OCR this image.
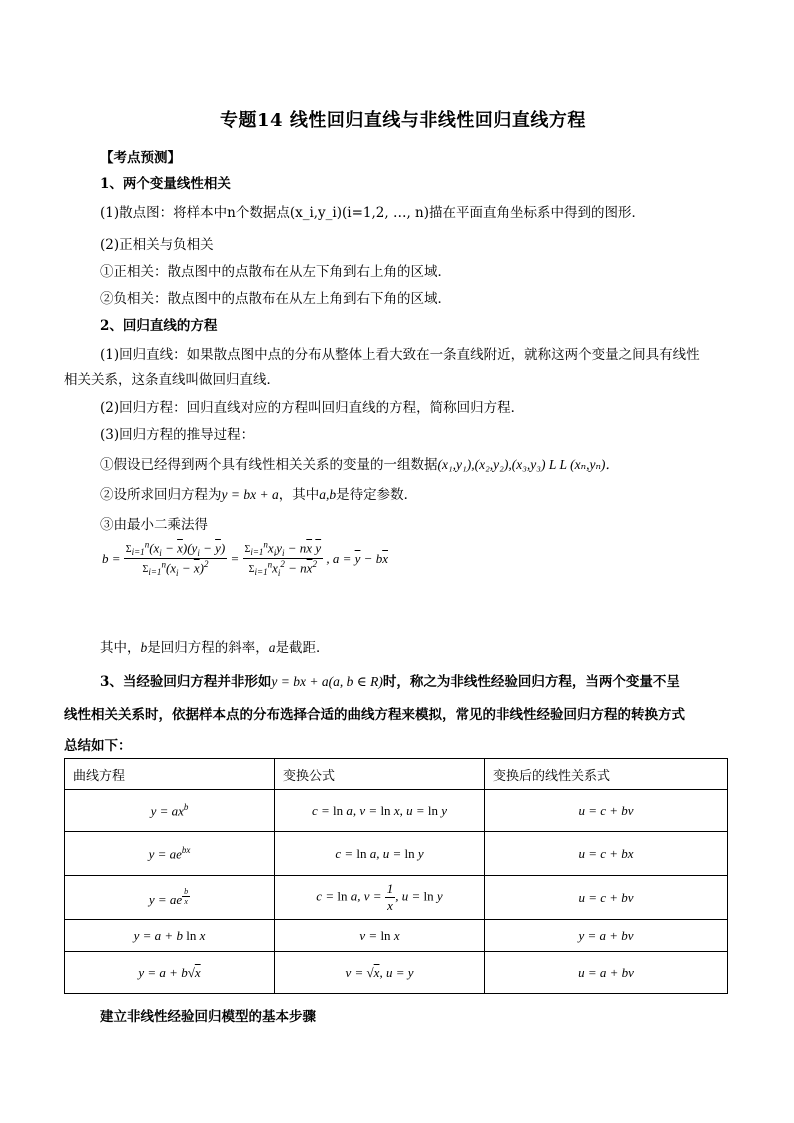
专题14 线性回归直线与非线性回归直线方程
【考点预测】
1、两个变量线性相关
(1)散点图：将样本中n个数据点(x_i,y_i)(i=1,2, …, n)描在平面直角坐标系中得到的图形．
(2)正相关与负相关
①正相关：散点图中的点散布在从左下角到右上角的区域．
②负相关：散点图中的点散布在从左上角到右下角的区域．
2、回归直线的方程
(1)回归直线：如果散点图中点的分布从整体上看大致在一条直线附近，就称这两个变量之间具有线性
相关关系，这条直线叫做回归直线．
(2)回归方程：回归直线对应的方程叫回归直线的方程，简称回归方程．
(3)回归方程的推导过程：
①假设已经得到两个具有线性相关关系的变量的一组数据(x₁,y₁),(x₂,y₂),(x₃,y₃) L L (xₙ,yₙ)．
②设所求回归方程为y = bx + a，其中a,b是待定参数．
③由最小二乘法得
$b = \frac{\Sigma_{i=1}^n(x_i - \overline{x})(y_i - \overline{y})}{\Sigma_{i=1}^n(x_i - \overline{x})^2} = \frac{\Sigma_{i=1}^nx_iy_i - n\overline{x} \overline{y}}{\Sigma_{i=1}^nx_i^2 - n\overline{x}^2}$ , $a = \overline{y} - b\overline{x}$
其中，b是回归方程的斜率，a是截距．
3、当经验回归方程并非形如y = bx + a(a, b ∈ R)时，称之为非线性经验回归方程，当两个变量不呈
线性相关关系时，依据样本点的分布选择合适的曲线方程来模拟，常见的非线性经验回归方程的转换方式
总结如下：
曲线方程	变换公式	变换后的线性关系式
$y = ax^b$	c = ln a, v = ln x, u = ln y	u = c + bv
$y = ae^{bx}$	c = ln a, u = ln y	u = c + bx
y = ae $^{\frac{b}{x}}$	c = ln a, $v = \frac{1}{x}$ , u = ln y	u = c + bv
y = a + b ln x	v = ln x	y = a + bv
y = a + b√x	v = √x, u = y	u = a + bv
建立非线性经验回归模型的基本步骤
